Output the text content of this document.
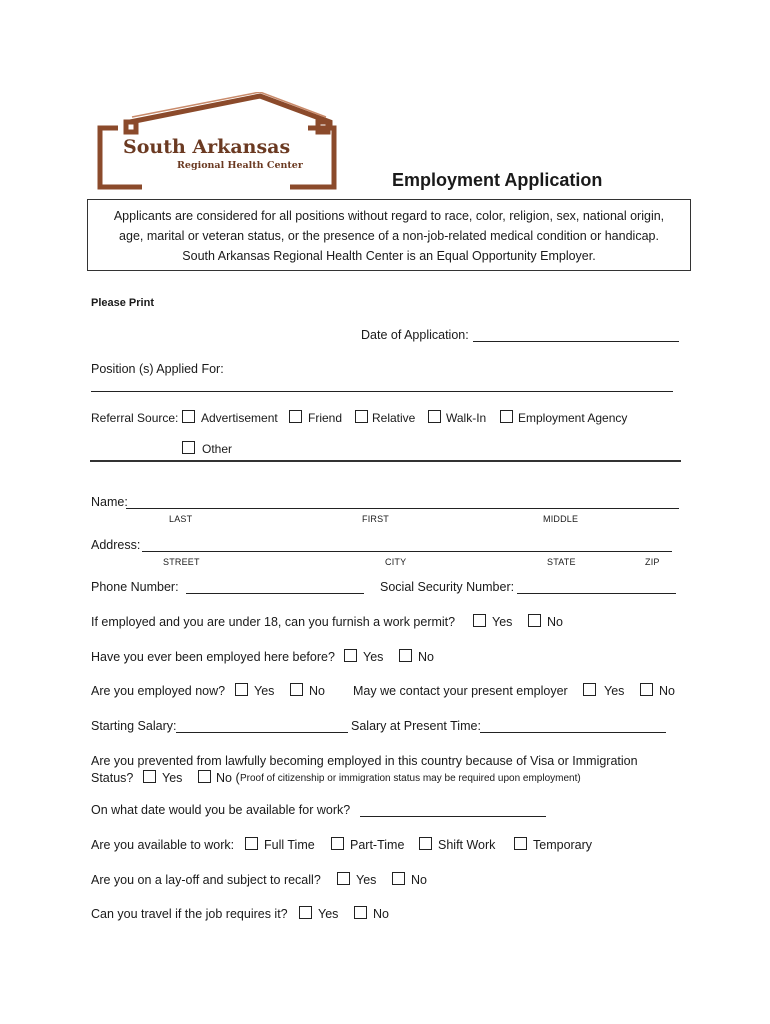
South Arkansas
Regional Health Center
Employment Application
Applicants are considered for all positions without regard to race, color, religion, sex, national origin,
age, marital or veteran status, or the presence of a non-job-related medical condition or handicap.
South Arkansas Regional Health Center is an Equal Opportunity Employer.
Please Print
Date of Application:
Position (s) Applied For:
Referral Source: Advertisement	Friend Relative	Walk-In	Employment Agency
Other
Name:
LAST	FIRST	MIDDLE
Address:
STREET	CITY	STATE	ZIP
Phone Number:	Social Security Number:
If employed and you are under 18, can you furnish a work permit?	Yes	No
Have you ever been employed here before? Yes	No
Are you employed now? Yes	No May we contact your present employer	Yes	No
Starting Salary:	Salary at Present Time:
Are you prevented from lawfully becoming employed in this country because of Visa or Immigration
Status? Yes	No ( Proof of citizenship or immigration status may be required upon employment)
On what date would you be available for work?
Are you available to work: Full Time	Part-Time	Shift Work	Temporary
Are you on a lay-off and subject to recall?	Yes	No
Can you travel if the job requires it? Yes	No
